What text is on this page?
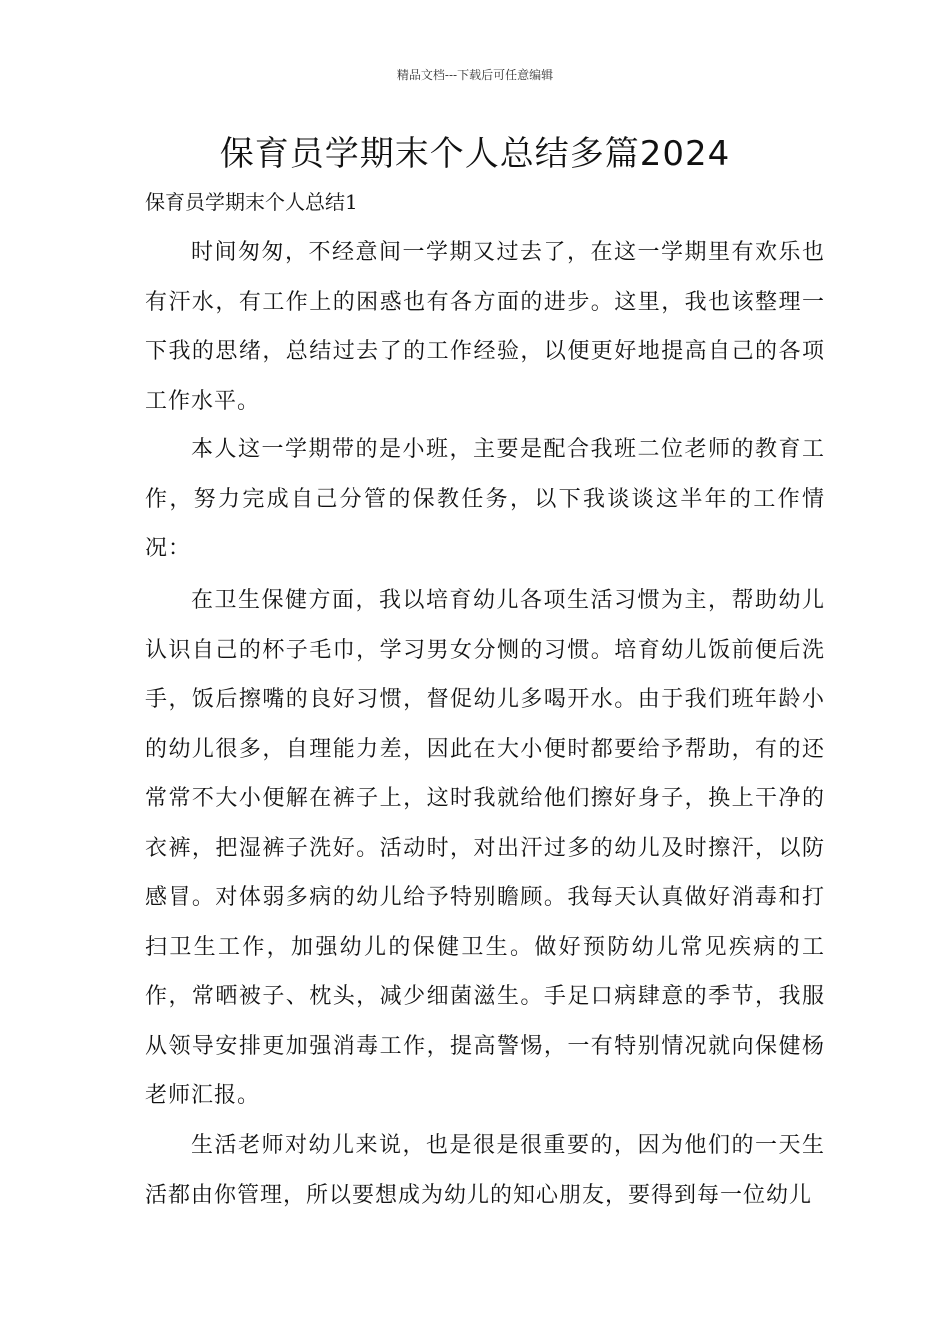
精品文档---下载后可任意编辑
保育员学期末个人总结多篇2024
保育员学期末个人总结1

时间匆匆，不经意间一学期又过去了，在这一学期里有欢乐也有汗水，有工作上的困惑也有各方面的进步。这里，我也该整理一下我的思绪，总结过去了的工作经验，以便更好地提高自己的各项工作水平。

本人这一学期带的是小班，主要是配合我班二位老师的教育工作，努力完成自己分管的保教任务，以下我谈谈这半年的工作情况：

在卫生保健方面，我以培育幼儿各项生活习惯为主，帮助幼儿认识自己的杯子毛巾，学习男女分恻的习惯。培育幼儿饭前便后洗手，饭后擦嘴的良好习惯，督促幼儿多喝开水。由于我们班年龄小的幼儿很多，自理能力差，因此在大小便时都要给予帮助，有的还常常不大小便解在裤子上，这时我就给他们擦好身子，换上干净的衣裤，把湿裤子洗好。活动时，对出汗过多的幼儿及时擦汗，以防感冒。对体弱多病的幼儿给予特别瞻顾。我每天认真做好消毒和打扫卫生工作，加强幼儿的保健卫生。做好预防幼儿常见疾病的工作，常晒被子、枕头，减少细菌滋生。手足口病肆意的季节，我服从领导安排更加强消毒工作，提高警惕，一有特别情况就向保健杨老师汇报。

生活老师对幼儿来说，也是很是很重要的，因为他们的一天生活都由你管理，所以要想成为幼儿的知心朋友，要得到每一位幼儿
